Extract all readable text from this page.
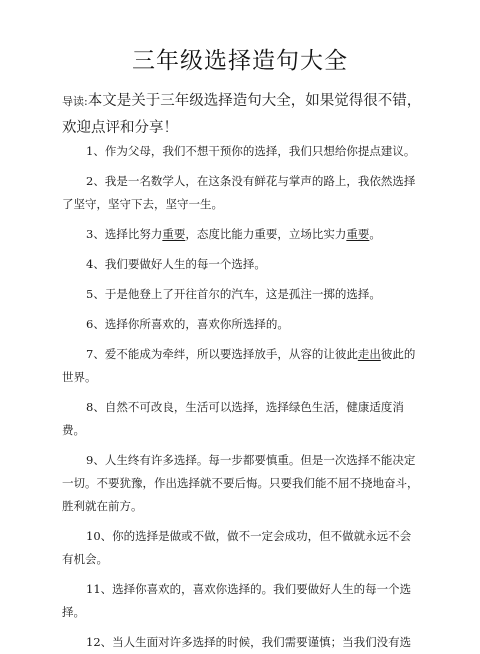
三年级选择造句大全
导读:本文是关于三年级选择造句大全，如果觉得很不错，欢迎点评和分享！

1、作为父母，我们不想干预你的选择，我们只想给你提点建议。

2、我是一名数学人，在这条没有鲜花与掌声的路上，我依然选择了坚守，坚守下去，坚守一生。

3、选择比努力重要，态度比能力重要，立场比实力重要。

4、我们要做好人生的每一个选择。

5、于是他登上了开往首尔的汽车，这是孤注一掷的选择。

6、选择你所喜欢的，喜欢你所选择的。

7、爱不能成为牵绊，所以要选择放手，从容的让彼此走出彼此的世界。

8、自然不可改良，生活可以选择，选择绿色生活，健康适度消费。

9、人生终有许多选择。每一步都要慎重。但是一次选择不能决定一切。不要犹豫，作出选择就不要后悔。只要我们能不屈不挠地奋斗，胜利就在前方。

10、你的选择是做或不做，做不一定会成功，但不做就永远不会有机会。

11、选择你喜欢的，喜欢你选择的。我们要做好人生的每一个选择。

12、当人生面对许多选择的时候，我们需要谨慎；当我们没有选
